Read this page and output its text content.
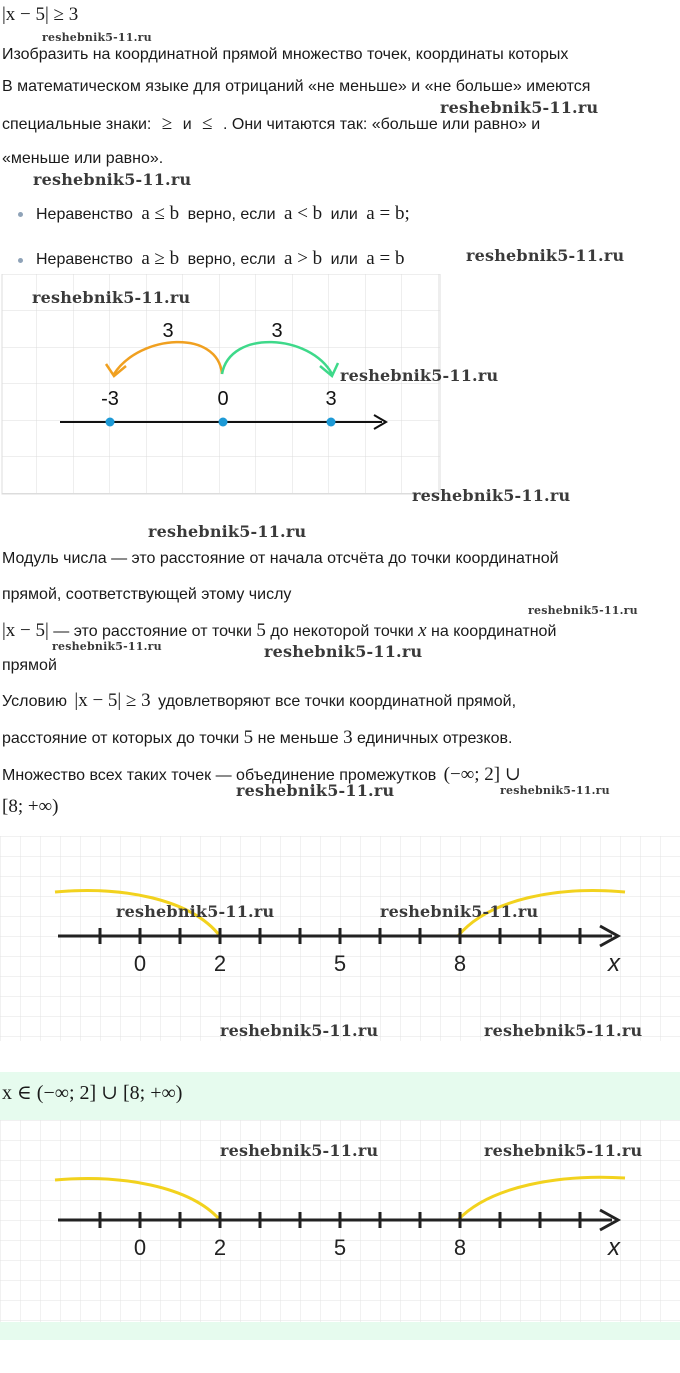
|x − 5| ≥ 3
reshebnik5-11.ru
Изобразить на координатной прямой множество точек, координаты которых
В математическом языке для отрицаний «не меньше» и «не больше» имеются
reshebnik5-11.ru
специальные знаки: ≥ и ≤ . Они читаются так: «больше или равно» и
«меньше или равно».
reshebnik5-11.ru
Неравенство a ≤ b верно, если a < b или a = b;
Неравенство a ≥ b верно, если a > b или a = b	reshebnik5-11.ru
3	3
-3	0	3
reshebnik5-11.ru
reshebnik5-11.ru
reshebnik5-11.ru
reshebnik5-11.ru
Модуль числа — это расстояние от начала отсчёта до точки координатной
прямой, соответствующей этому числу
reshebnik5-11.ru
|x − 5| — это расстояние от точки 5 до некоторой точки x на координатной
прямой
reshebnik5-11.ru	reshebnik5-11.ru
Условию |x − 5| ≥ 3 удовлетворяют все точки координатной прямой,
расстояние от которых до точки 5 не меньше 3 единичных отрезков.
Множество всех таких точек — объединение промежутков (−∞; 2] ∪
[8; +∞)
reshebnik5-11.ru	reshebnik5-11.ru
0	2	5	8	x
reshebnik5-11.ru	reshebnik5-11.ru
reshebnik5-11.ru	reshebnik5-11.ru
x ∈ (−∞; 2] ∪ [8; +∞)
0	2	5	8	x
reshebnik5-11.ru	reshebnik5-11.ru
